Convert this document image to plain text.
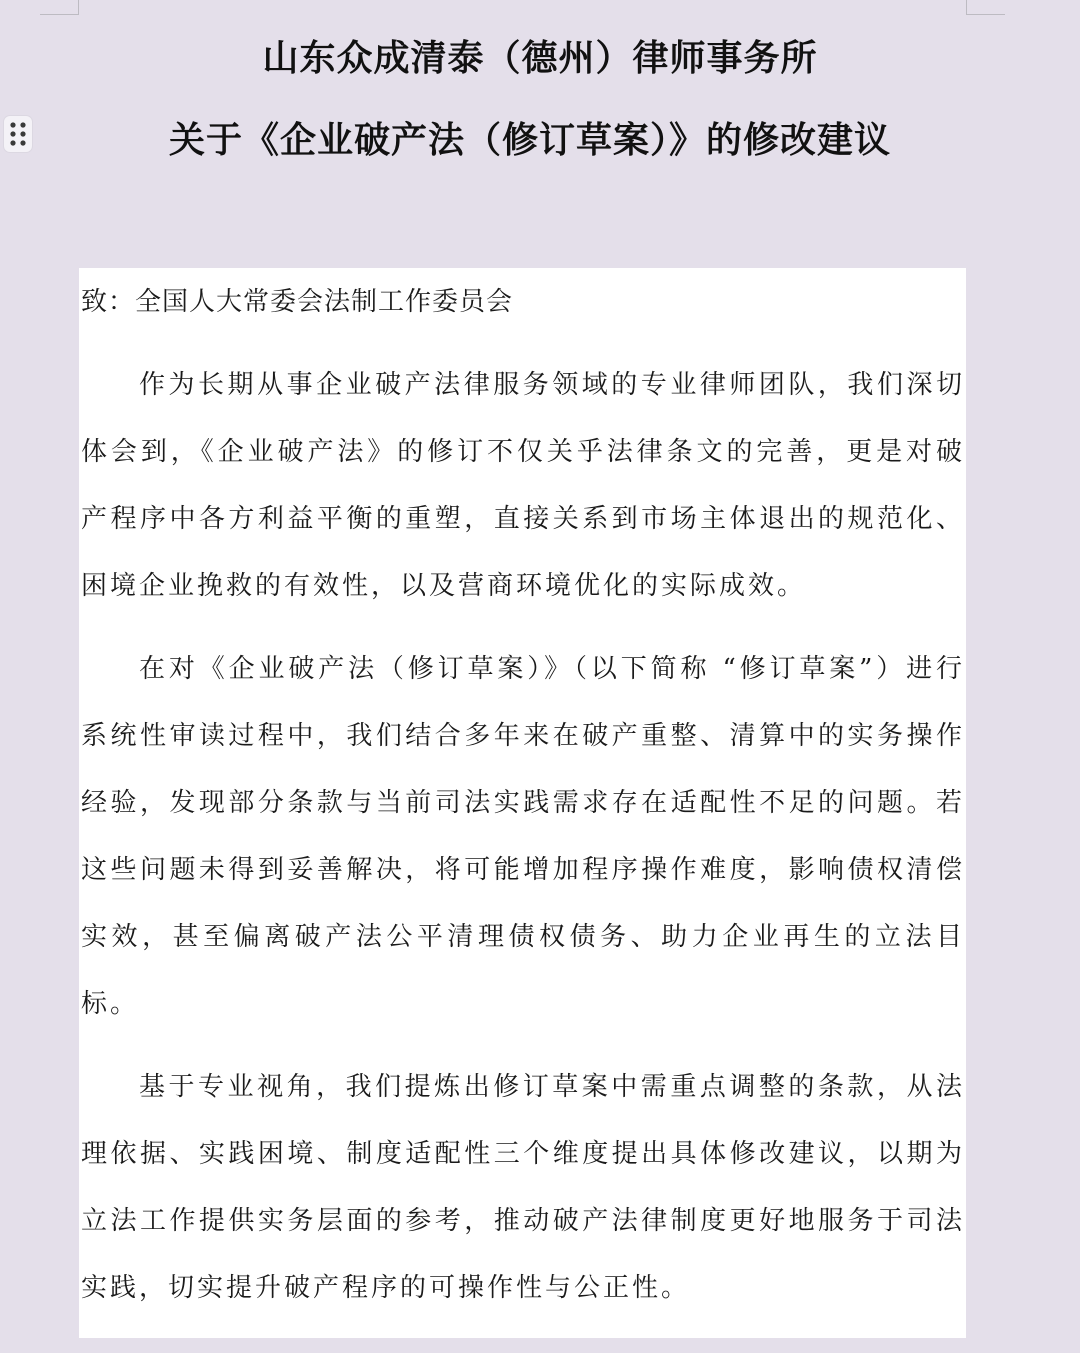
山东众成清泰（德州）律师事务所
关于《企业破产法（修订草案）》的修改建议

致：全国人大常委会法制工作委员会

作为长期从事企业破产法律服务领域的专业律师团队，我们深切体会到，《企业破产法》的修订不仅关乎法律条文的完善，更是对破产程序中各方利益平衡的重塑，直接关系到市场主体退出的规范化、困境企业挽救的有效性，以及营商环境优化的实际成效。

在对《企业破产法（修订草案）》（以下简称 “修订草案”）进行系统性审读过程中，我们结合多年来在破产重整、清算中的实务操作经验，发现部分条款与当前司法实践需求存在适配性不足的问题。若这些问题未得到妥善解决，将可能增加程序操作难度，影响债权清偿实效，甚至偏离破产法公平清理债权债务、助力企业再生的立法目标。

基于专业视角，我们提炼出修订草案中需重点调整的条款，从法理依据、实践困境、制度适配性三个维度提出具体修改建议，以期为立法工作提供实务层面的参考，推动破产法律制度更好地服务于司法实践，切实提升破产程序的可操作性与公正性。
